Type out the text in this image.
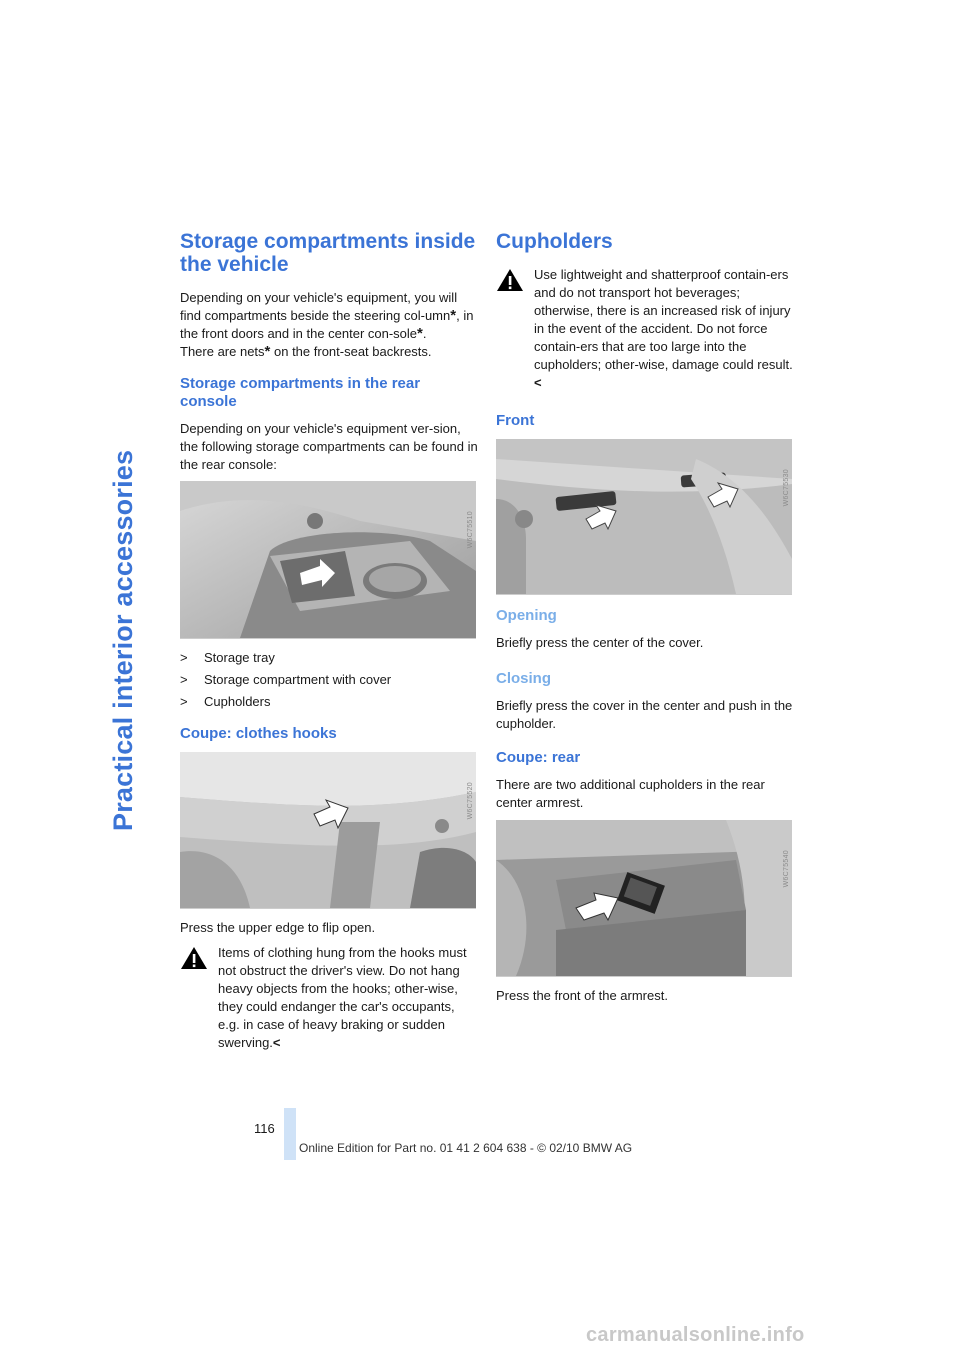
Practical interior accessories
Storage compartments inside the vehicle

Depending on your vehicle's equipment, you will find compartments beside the steering col-umn*, in the front doors and in the center con-sole*.
There are nets* on the front-seat backrests.

Storage compartments in the rear console

Depending on your vehicle's equipment ver-sion, the following storage compartments can be found in the rear console:

W6C75510
> Storage tray
> Storage compartment with cover
> Cupholders
Coupe: clothes hooks
W6C75520

Press the upper edge to flip open.

Items of clothing hung from the hooks must not obstruct the driver's view. Do not hang heavy objects from the hooks; other-wise, they could endanger the car's occupants, e.g. in case of heavy braking or sudden swerving.<

Cupholders

Use lightweight and shatterproof contain-ers and do not transport hot beverages; otherwise, there is an increased risk of injury in the event of the accident. Do not force contain-ers that are too large into the cupholders; other-wise, damage could result.<

Front
W6C75530
Opening

Briefly press the center of the cover.

Closing

Briefly press the cover in the center and push in the cupholder.

Coupe: rear

There are two additional cupholders in the rear center armrest.

W6C75540

Press the front of the armrest.

116
Online Edition for Part no. 01 41 2 604 638 - © 02/10 BMW AG
carmanualsonline.info
